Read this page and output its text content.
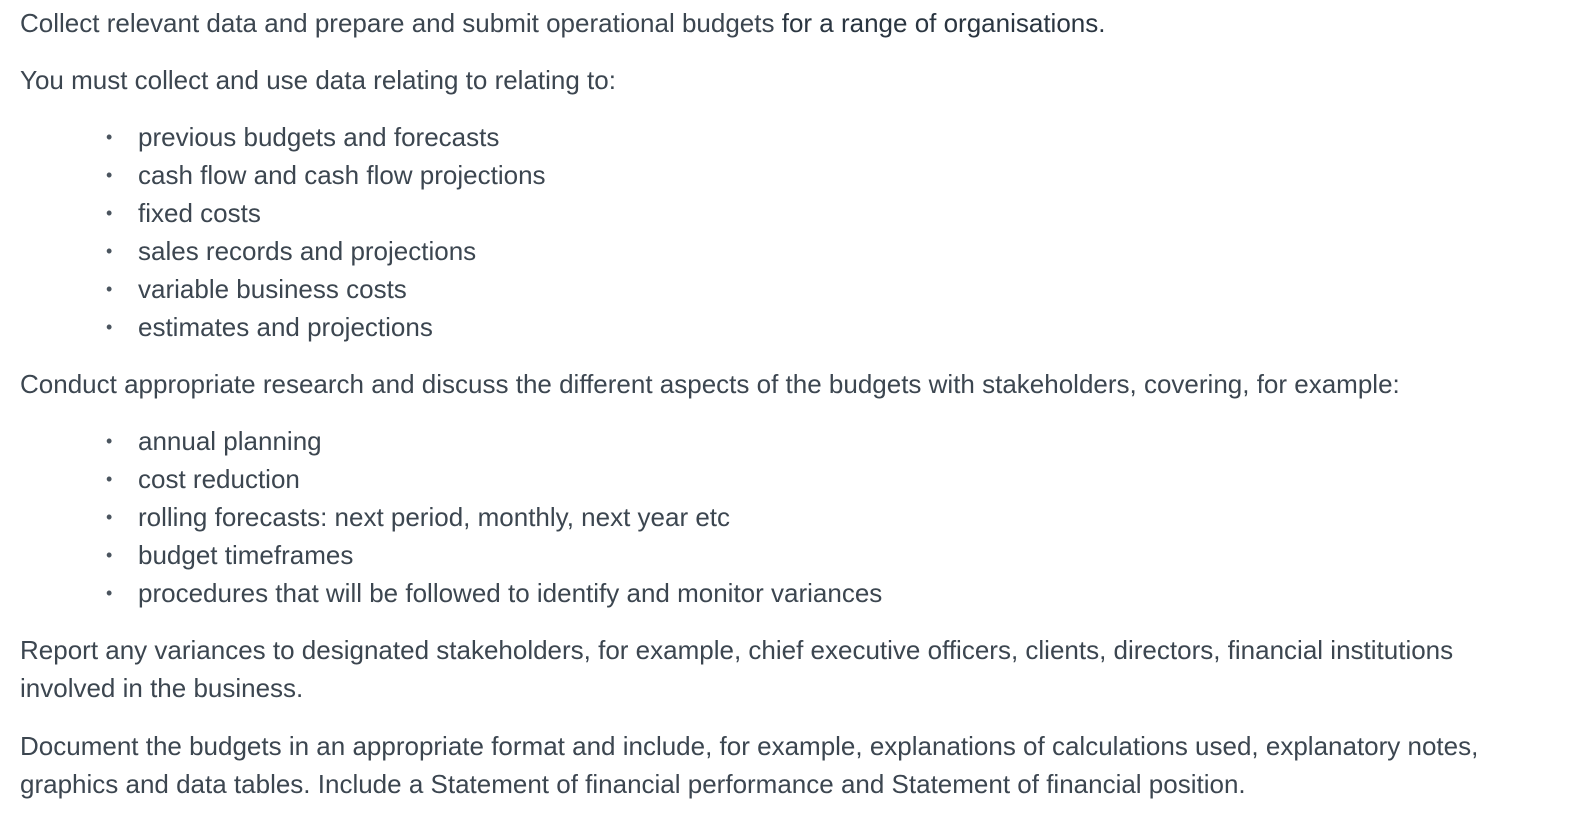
Collect relevant data and prepare and submit operational budgets for a range of organisations.

You must collect and use data relating to relating to:

• previous budgets and forecasts
• cash flow and cash flow projections
• fixed costs
• sales records and projections
• variable business costs
• estimates and projections

Conduct appropriate research and discuss the different aspects of the budgets with stakeholders, covering, for example:

• annual planning
• cost reduction
• rolling forecasts: next period, monthly, next year etc
• budget timeframes
• procedures that will be followed to identify and monitor variances

Report any variances to designated stakeholders, for example, chief executive officers, clients, directors, financial institutions involved in the business.

Document the budgets in an appropriate format and include, for example, explanations of calculations used, explanatory notes, graphics and data tables. Include a Statement of financial performance and Statement of financial position.
